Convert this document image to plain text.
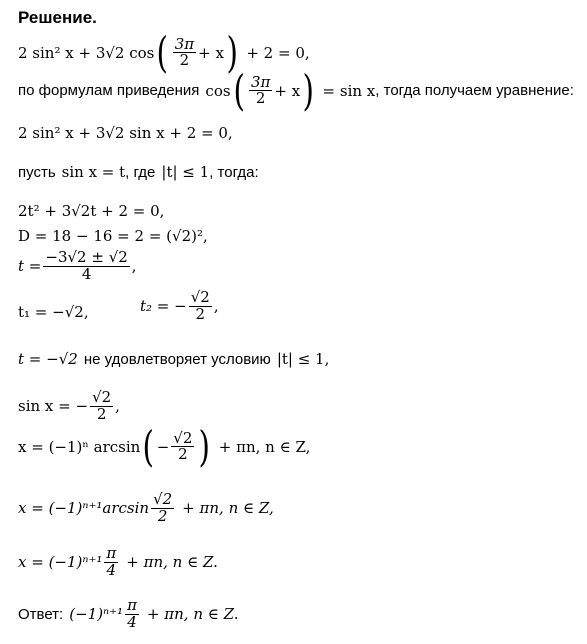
Решение.
2 sin² x + 3√2 cos ( $\frac{3\pi}{2} + x$ ) + 2 = 0,
по формулам приведения cos ( $\frac{3\pi}{2} + x$ ) = sin x , тогда получаем уравнение:
2 sin² x + 3√2 sin x + 2 = 0,
пусть sin x = t , где |t| ≤ 1 , тогда:
2t² + 3√2t + 2 = 0,
D = 18 − 16 = 2 = (√2)²,
$t = \frac{-3√2 \pm √2}{4}$ ,
t₁ = −√2,	t₂ = − $\frac{√2}{2}$ ,
t = −√2 не удовлетворяет условию |t| ≤ 1,
sin x = − $\frac{√2}{2}$ ,
x = (−1)ⁿ arcsin ( − $\frac{√2}{2}$ ) + πn, n ∈ Z,
$x = (-1)^{n+1}\arcsin \frac{√2}{2} + \pi n$, n ∈ Z,
$x = (-1)^{n+1} \frac{\pi}{4} + \pi n$, n ∈ Z.
Ответ: $(-1)^{n+1} \frac{\pi}{4} + \pi n$, n ∈ Z.
